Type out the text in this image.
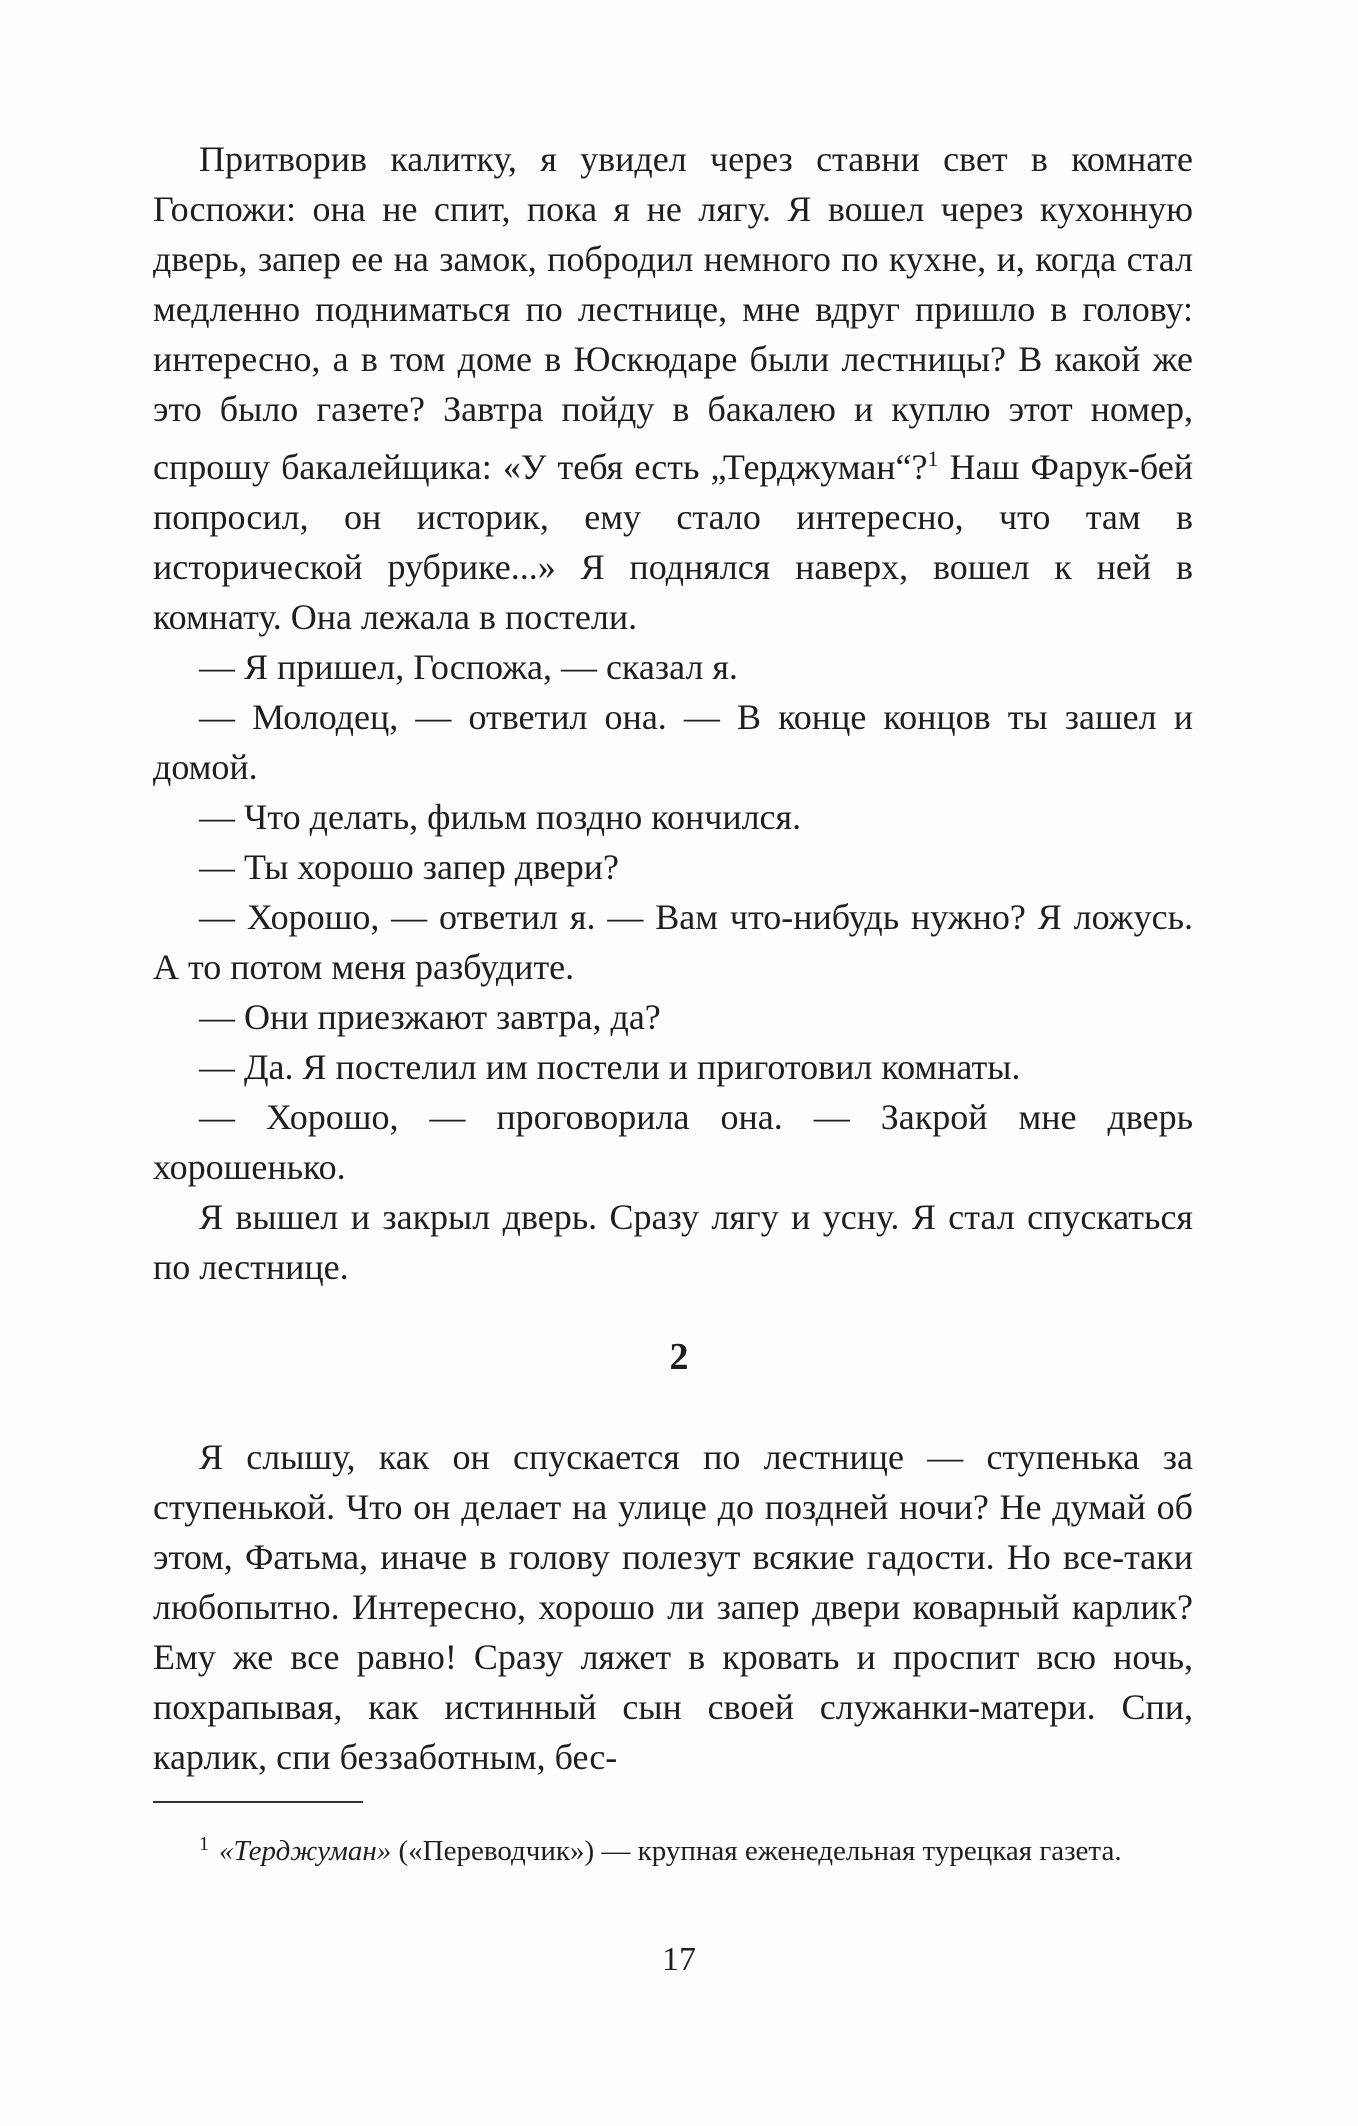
Притворив калитку, я увидел через ставни свет в комнате Госпожи: она не спит, пока я не лягу. Я вошел через кухонную дверь, запер ее на замок, побродил немного по кухне, и, когда стал медленно подниматься по лестнице, мне вдруг пришло в голову: интересно, а в том доме в Юскюдаре были лестницы? В какой же это было газете? Завтра пойду в бакалею и куплю этот номер, спрошу бакалейщика: «У тебя есть „Терджуман“?$^1$ Наш Фарук-бей попросил, он историк, ему стало интересно, что там в исторической рубрике...» Я поднялся наверх, вошел к ней в комнату. Она лежала в постели.

— Я пришел, Госпожа, — сказал я.

— Молодец, — ответил она. — В конце концов ты зашел и домой.

— Что делать, фильм поздно кончился.

— Ты хорошо запер двери?

— Хорошо, — ответил я. — Вам что-нибудь нужно? Я ложусь. А то потом меня разбудите.

— Они приезжают завтра, да?

— Да. Я постелил им постели и приготовил комнаты.

— Хорошо, — проговорила она. — Закрой мне дверь хорошенько.

Я вышел и закрыл дверь. Сразу лягу и усну. Я стал спускаться по лестнице.

2

Я слышу, как он спускается по лестнице — ступенька за ступенькой. Что он делает на улице до поздней ночи? Не думай об этом, Фатьма, иначе в голову полезут всякие гадости. Но все-таки любопытно. Интересно, хорошо ли запер двери коварный карлик? Ему же все равно! Сразу ляжет в кровать и проспит всю ночь, похрапывая, как истинный сын своей служанки-матери. Спи, карлик, спи беззаботным, бес-

$^1$ «Терджуман» («Переводчик») — крупная еженедельная турецкая газета.

17
